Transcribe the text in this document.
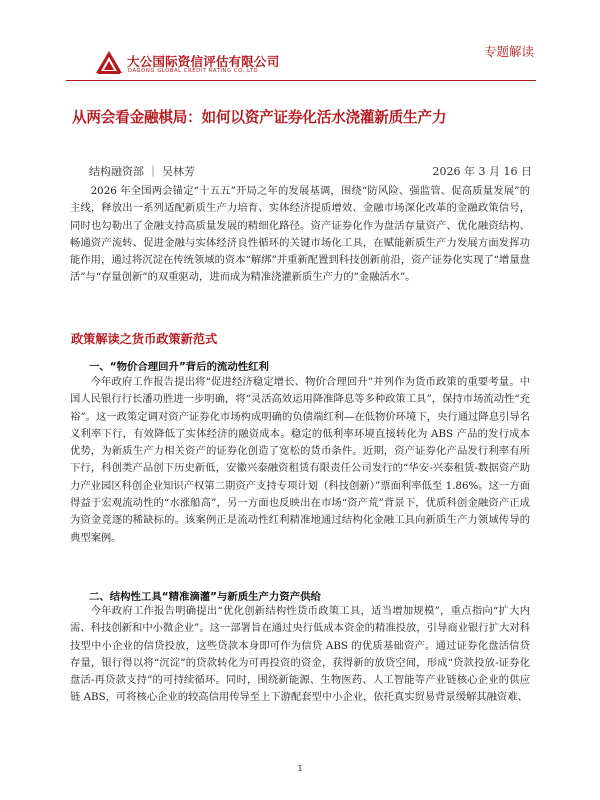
大公国际资信评估有限公司
DAGONG GLOBAL CREDIT RATING CO.,LTD
专题解读
从两会看金融棋局：如何以资产证券化活水浇灌新质生产力
结构融资部 ｜ 吴林芳	2026 年 3 月 16 日

2026 年全国两会锚定“十五五”开局之年的发展基调，围绕“防风险、强监管、促高质量发展”的主线，释放出一系列适配新质生产力培育、实体经济提质增效、金融市场深化改革的金融政策信号，同时也勾勒出了金融支持高质量发展的精细化路径。资产证券化作为盘活存量资产、优化融资结构、畅通资产流转、促进金融与实体经济良性循环的关键市场化工具，在赋能新质生产力发展方面发挥功能作用，通过将沉淀在传统领域的资本“解绑”并重新配置到科技创新前沿，资产证券化实现了“增量盘活”与“存量创新”的双重驱动，进而成为精准浇灌新质生产力的“金融活水”。

政策解读之货币政策新范式
一、“物价合理回升”背后的流动性红利

今年政府工作报告提出将“促进经济稳定增长、物价合理回升”并列作为货币政策的重要考量。中国人民银行行长潘功胜进一步明确，将“灵活高效运用降准降息等多种政策工具”，保持市场流动性“充裕”。这一政策定调对资产证券化市场构成明确的负债端红利—在低物价环境下，央行通过降息引导名义利率下行，有效降低了实体经济的融资成本。稳定的低利率环境直接转化为 ABS 产品的发行成本优势，为新质生产力相关资产的证券化创造了宽松的货币条件。近期，资产证券化产品发行利率有所下行，科创类产品创下历史新低，安徽兴泰融资租赁有限责任公司发行的“华安-兴泰租赁-数据资产助力产业园区科创企业知识产权第二期资产支持专项计划（科技创新）”票面利率低至 1.86%。这一方面得益于宏观流动性的“水涨船高”，另一方面也反映出在市场“资产荒”背景下，优质科创金融资产正成为资金竞逐的稀缺标的。该案例正是流动性红利精准地通过结构化金融工具向新质生产力领域传导的典型案例。

二、结构性工具“精准滴灌”与新质生产力资产供给

今年政府工作报告明确提出“优化创新结构性货币政策工具，适当增加规模”，重点指向“扩大内需、科技创新和中小微企业”。这一部署旨在通过央行低成本资金的精准投放，引导商业银行扩大对科技型中小企业的信贷投放，这些贷款本身即可作为信贷 ABS 的优质基础资产。通过证券化盘活信贷存量，银行得以将“沉淀”的贷款转化为可再投资的资金，获得新的放贷空间，形成“贷款投放-证券化盘活-再贷款支持”的可持续循环。同时，围绕新能源、生物医药、人工智能等产业链核心企业的供应链 ABS，可将核心企业的较高信用传导至上下游配套型中小企业，依托真实贸易背景缓解其融资难、

1
